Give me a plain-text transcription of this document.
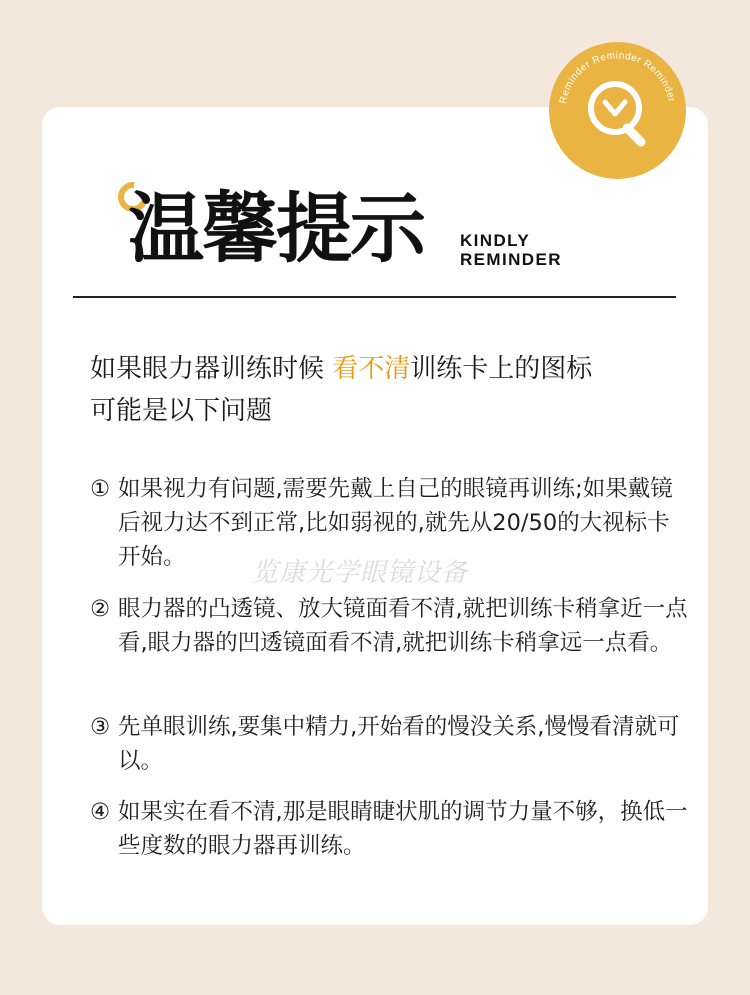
Reminder Reminder Reminder
温馨提示 KINDLY
REMINDER
如果眼力器训练时候 看不清训练卡上的图标
可能是以下问题
① 如果视力有问题,需要先戴上自己的眼镜再训练;如果戴镜后视力达不到正常,比如弱视的,就先从20/50的大视标卡开始。
② 眼力器的凸透镜、放大镜面看不清,就把训练卡稍拿近一点看,眼力器的凹透镜面看不清,就把训练卡稍拿远一点看。
③ 先单眼训练,要集中精力,开始看的慢没关系,慢慢看清就可以。
④ 如果实在看不清,那是眼睛睫状肌的调节力量不够，换低一些度数的眼力器再训练。
览康光学眼镜设备
